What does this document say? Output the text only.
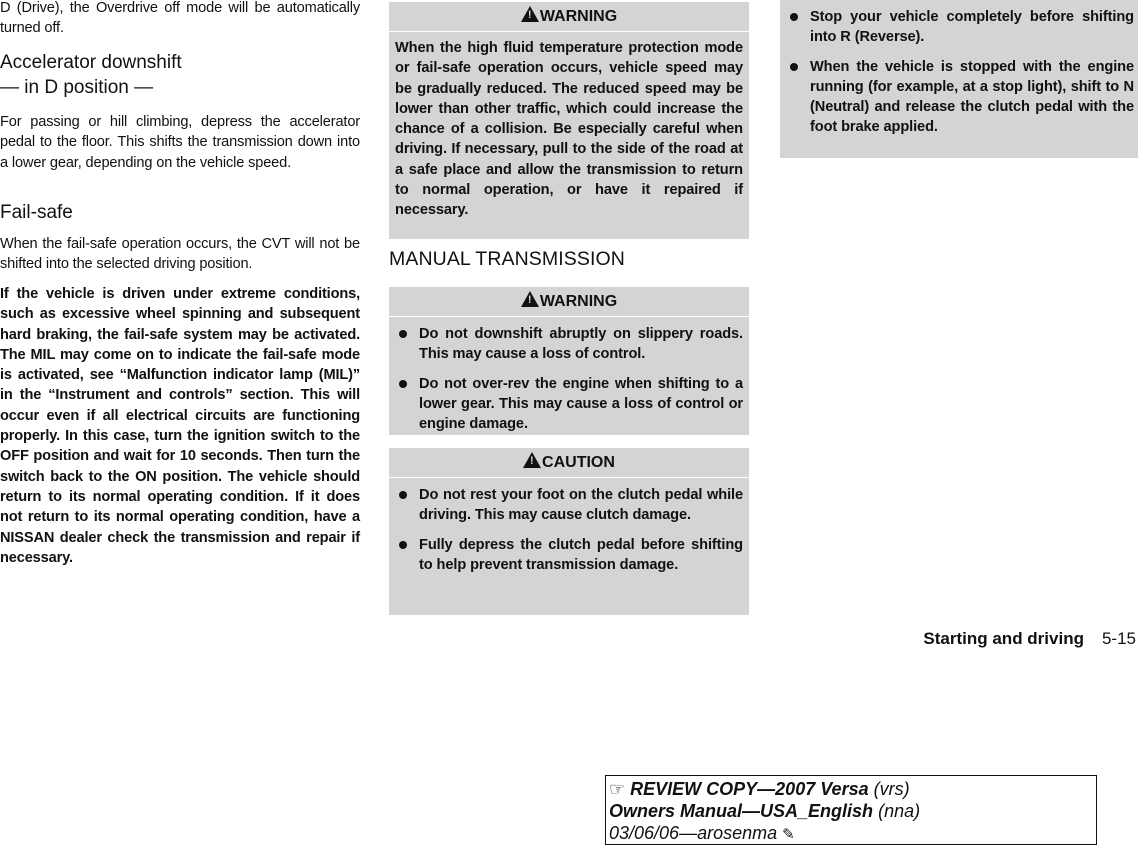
D (Drive), the Overdrive off mode will be automatically turned off.

Accelerator downshift
— in D position —

For passing or hill climbing, depress the accelerator pedal to the floor. This shifts the transmission down into a lower gear, depending on the vehicle speed.

Fail-safe

When the fail-safe operation occurs, the CVT will not be shifted into the selected driving position.

If the vehicle is driven under extreme conditions, such as excessive wheel spinning and subsequent hard braking, the fail-safe system may be activated. The MIL may come on to indicate the fail-safe mode is activated, see “Malfunction indicator lamp (MIL)” in the “Instrument and controls” section. This will occur even if all electrical circuits are functioning properly. In this case, turn the ignition switch to the OFF position and wait for 10 seconds. Then turn the switch back to the ON position. The vehicle should return to its normal operating condition. If it does not return to its normal operating condition, have a NISSAN dealer check the transmission and repair if necessary.

!WARNING
When the high fluid temperature protection mode or fail-safe operation occurs, vehicle speed may be gradually reduced. The reduced speed may be lower than other traffic, which could increase the chance of a collision. Be especially careful when driving. If necessary, pull to the side of the road at a safe place and allow the transmission to return to normal operation, or have it repaired if necessary.
MANUAL TRANSMISSION
!WARNING
Do not downshift abruptly on slippery roads. This may cause a loss of control.
Do not over-rev the engine when shifting to a lower gear. This may cause a loss of control or engine damage.
!CAUTION
Do not rest your foot on the clutch pedal while driving. This may cause clutch damage.
Fully depress the clutch pedal before shifting to help prevent transmission damage.
Stop your vehicle completely before shifting into R (Reverse).
When the vehicle is stopped with the engine running (for example, at a stop light), shift to N (Neutral) and release the clutch pedal with the foot brake applied.
Starting and driving 5-15
☞ REVIEW COPY—2007 Versa (vrs)
Owners Manual—USA_English (nna)
03/06/06—arosenma ✎
